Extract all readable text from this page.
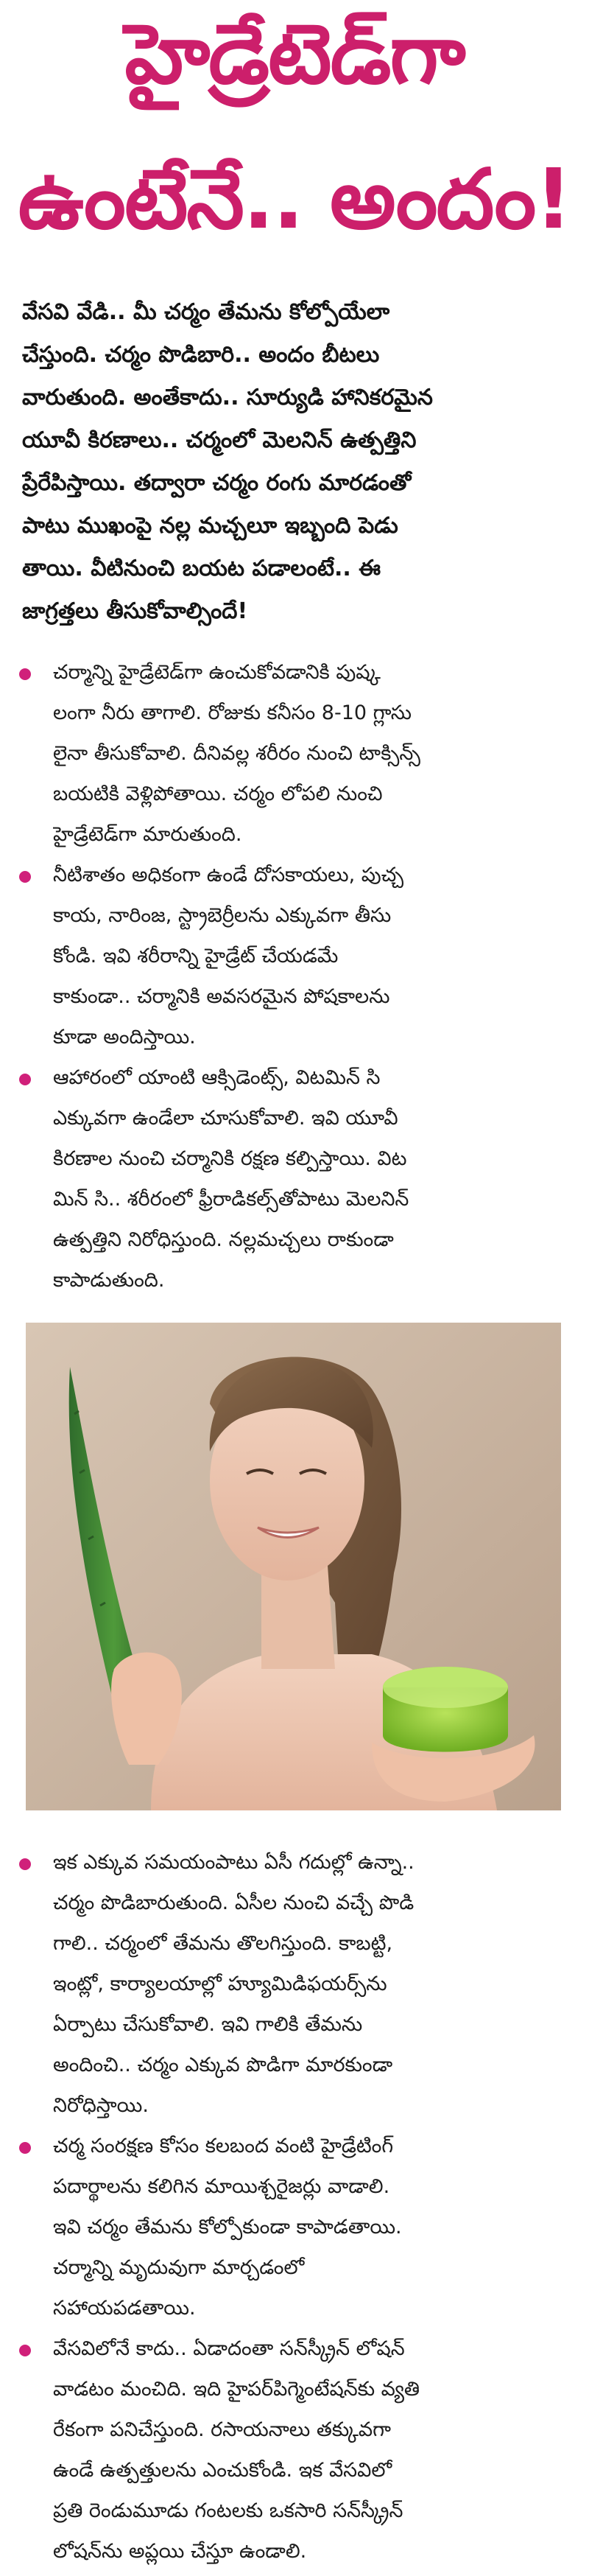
హైడ్రేటెడ్‌గా
ఉంటేనే.. అందం!
వేసవి వేడి.. మీ చర్మం తేమను కోల్పోయేలా
చేస్తుంది. చర్మం పొడిబారి.. అందం బీటలు
వారుతుంది. అంతేకాదు.. సూర్యుడి హానికరమైన
యూవీ కిరణాలు.. చర్మంలో మెలనిన్ ఉత్పత్తిని
ప్రేరేపిస్తాయి. తద్వారా చర్మం రంగు మారడంతో
పాటు ముఖంపై నల్ల మచ్చలూ ఇబ్బంది పెడు
తాయి. వీటినుంచి బయట పడాలంటే.. ఈ
జాగ్రత్తలు తీసుకోవాల్సిందే!
చర్మాన్ని హైడ్రేటెడ్‌గా ఉంచుకోవడానికి పుష్క
లంగా నీరు తాగాలి. రోజుకు కనీసం 8-10 గ్లాసు
లైనా తీసుకోవాలి. దీనివల్ల శరీరం నుంచి టాక్సిన్స్
బయటికి వెళ్లిపోతాయి. చర్మం లోపలి నుంచి
హైడ్రేటెడ్‌గా మారుతుంది.
నీటిశాతం అధికంగా ఉండే దోసకాయలు, పుచ్చ
కాయ, నారింజ, స్ట్రాబెర్రీలను ఎక్కువగా తీసు
కోండి. ఇవి శరీరాన్ని హైడ్రేట్ చేయడమే
కాకుండా.. చర్మానికి అవసరమైన పోషకాలను
కూడా అందిస్తాయి.
ఆహారంలో యాంటి ఆక్సిడెంట్స్, విటమిన్ సి
ఎక్కువగా ఉండేలా చూసుకోవాలి. ఇవి యూవీ
కిరణాల నుంచి చర్మానికి రక్షణ కల్పిస్తాయి. విట
మిన్ సి.. శరీరంలో ఫ్రీరాడికల్స్‌తోపాటు మెలనిన్
ఉత్పత్తిని నిరోధిస్తుంది. నల్లమచ్చలు రాకుండా
కాపాడుతుంది.
ఇక ఎక్కువ సమయంపాటు ఏసీ గదుల్లో ఉన్నా..
చర్మం పొడిబారుతుంది. ఏసీల నుంచి వచ్చే పొడి
గాలి.. చర్మంలో తేమను తొలగిస్తుంది. కాబట్టి,
ఇంట్లో, కార్యాలయాల్లో హ్యూమిడిఫయర్స్‌ను
ఏర్పాటు చేసుకోవాలి. ఇవి గాలికి తేమను
అందించి.. చర్మం ఎక్కువ పొడిగా మారకుండా
నిరోధిస్తాయి.
చర్మ సంరక్షణ కోసం కలబంద వంటి హైడ్రేటింగ్
పదార్థాలను కలిగిన మాయిశ్చరైజర్లు వాడాలి.
ఇవి చర్మం తేమను కోల్పోకుండా కాపాడతాయి.
చర్మాన్ని మృదువుగా మార్చడంలో
సహాయపడతాయి.
వేసవిలోనే కాదు.. ఏడాదంతా సన్‌స్క్రీన్ లోషన్
వాడటం మంచిది. ఇది హైపర్‌పిగ్మెంటేషన్‌కు వ్యతి
రేకంగా పనిచేస్తుంది. రసాయనాలు తక్కువగా
ఉండే ఉత్పత్తులను ఎంచుకోండి. ఇక వేసవిలో
ప్రతి రెండుమూడు గంటలకు ఒకసారి సన్‌స్క్రీన్
లోషన్‌ను అప్లయి చేస్తూ ఉండాలి.
